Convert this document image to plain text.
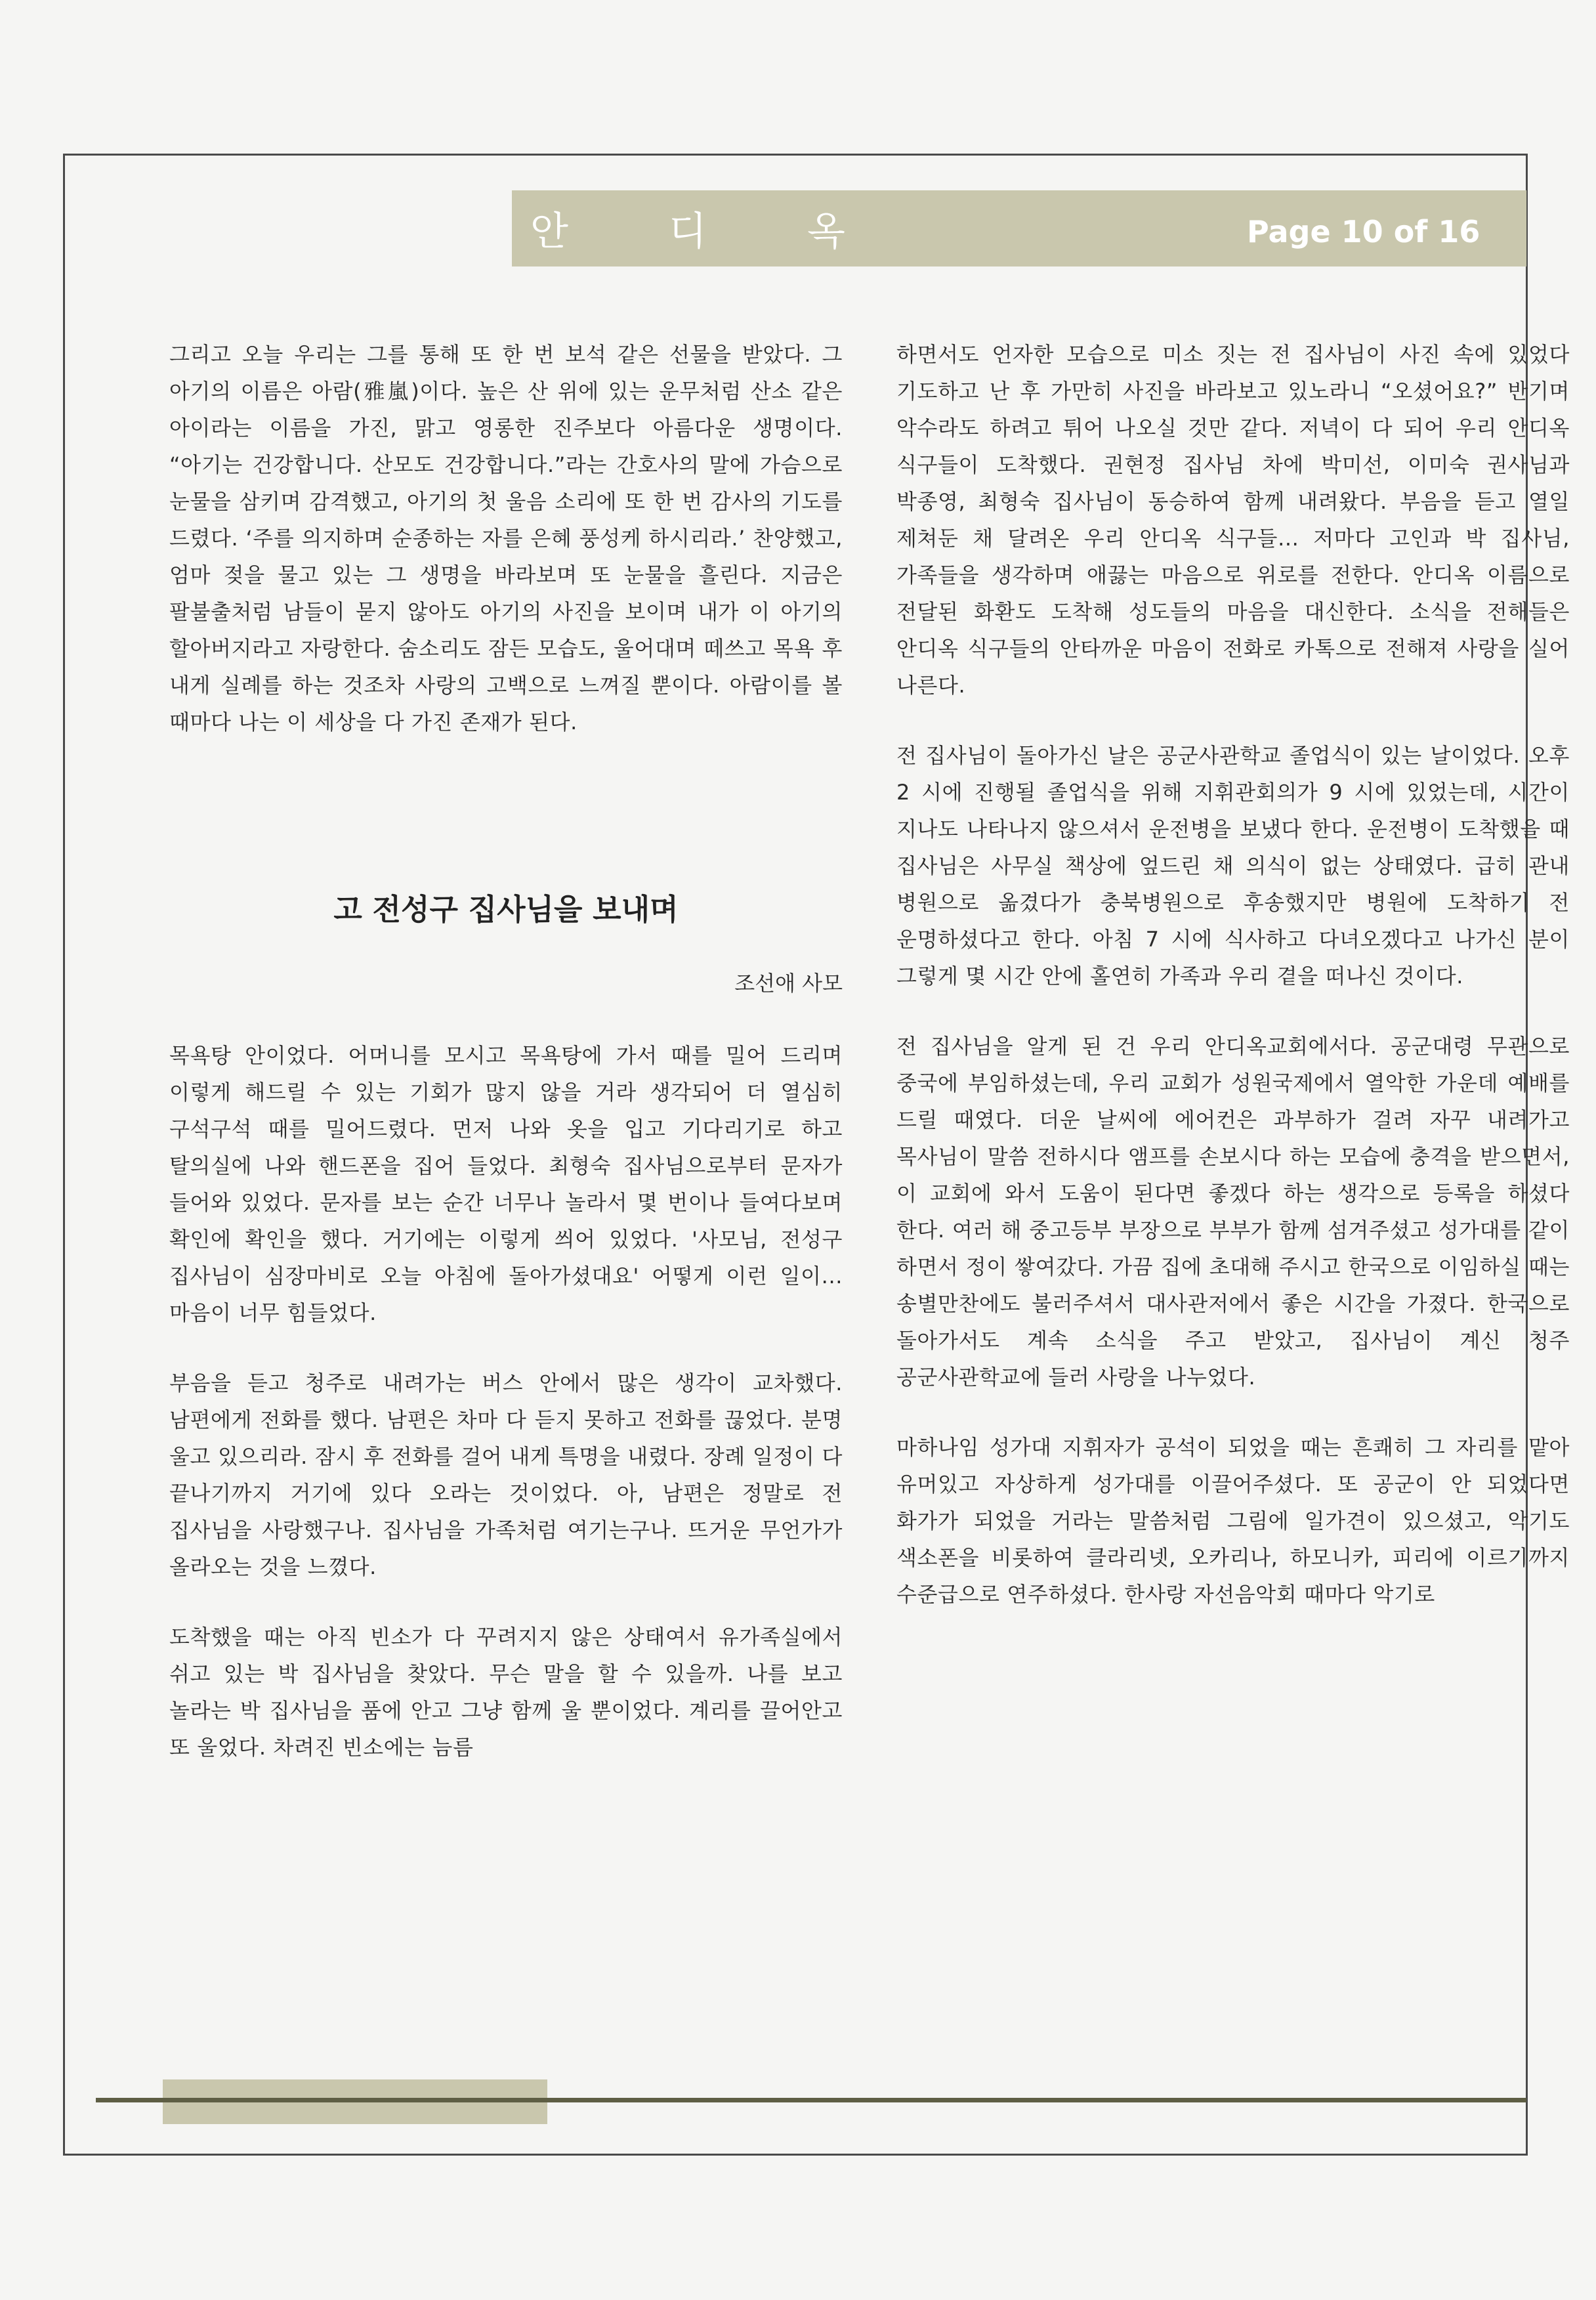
안	디	옥	Page 10 of 16

그리고 오늘 우리는 그를 통해 또 한 번 보석 같은 선물을 받았다. 그 아기의 이름은 아람(雅嵐)이다. 높은 산 위에 있는 운무처럼 산소 같은 아이라는 이름을 가진, 맑고 영롱한 진주보다 아름다운 생명이다. “아기는 건강합니다. 산모도 건강합니다.”라는 간호사의 말에 가슴으로 눈물을 삼키며 감격했고, 아기의 첫 울음 소리에 또 한 번 감사의 기도를 드렸다. ‘주를 의지하며 순종하는 자를 은혜 풍성케 하시리라.’ 찬양했고, 엄마 젖을 물고 있는 그 생명을 바라보며 또 눈물을 흘린다. 지금은 팔불출처럼 남들이 묻지 않아도 아기의 사진을 보이며 내가 이 아기의 할아버지라고 자랑한다. 숨소리도 잠든 모습도, 울어대며 떼쓰고 목욕 후 내게 실례를 하는 것조차 사랑의 고백으로 느껴질 뿐이다. 아람이를 볼 때마다 나는 이 세상을 다 가진 존재가 된다.

고 전성구 집사님을 보내며
조선애 사모

목욕탕 안이었다. 어머니를 모시고 목욕탕에 가서 때를 밀어 드리며 이렇게 해드릴 수 있는 기회가 많지 않을 거라 생각되어 더 열심히 구석구석 때를 밀어드렸다. 먼저 나와 옷을 입고 기다리기로 하고 탈의실에 나와 핸드폰을 집어 들었다. 최형숙 집사님으로부터 문자가 들어와 있었다. 문자를 보는 순간 너무나 놀라서 몇 번이나 들여다보며 확인에 확인을 했다. 거기에는 이렇게 씌어 있었다. '사모님, 전성구 집사님이 심장마비로 오늘 아침에 돌아가셨대요' 어떻게 이런 일이... 마음이 너무 힘들었다.

부음을 듣고 청주로 내려가는 버스 안에서 많은 생각이 교차했다. 남편에게 전화를 했다. 남편은 차마 다 듣지 못하고 전화를 끊었다. 분명 울고 있으리라. 잠시 후 전화를 걸어 내게 특명을 내렸다. 장례 일정이 다 끝나기까지 거기에 있다 오라는 것이었다. 아, 남편은 정말로 전 집사님을 사랑했구나. 집사님을 가족처럼 여기는구나. 뜨거운 무언가가 올라오는 것을 느꼈다.

도착했을 때는 아직 빈소가 다 꾸려지지 않은 상태여서 유가족실에서 쉬고 있는 박 집사님을 찾았다. 무슨 말을 할 수 있을까. 나를 보고 놀라는 박 집사님을 품에 안고 그냥 함께 울 뿐이었다. 계리를 끌어안고 또 울었다. 차려진 빈소에는 늠름

하면서도 언자한 모습으로 미소 짓는 전 집사님이 사진 속에 있었다 기도하고 난 후 가만히 사진을 바라보고 있노라니 “오셨어요?” 반기며 악수라도 하려고 튀어 나오실 것만 같다. 저녁이 다 되어 우리 안디옥 식구들이 도착했다. 권현정 집사님 차에 박미선, 이미숙 권사님과 박종영, 최형숙 집사님이 동승하여 함께 내려왔다. 부음을 듣고 열일 제쳐둔 채 달려온 우리 안디옥 식구들... 저마다 고인과 박 집사님, 가족들을 생각하며 애끓는 마음으로 위로를 전한다. 안디옥 이름으로 전달된 화환도 도착해 성도들의 마음을 대신한다. 소식을 전해들은 안디옥 식구들의 안타까운 마음이 전화로 카톡으로 전해져 사랑을 실어 나른다.

전 집사님이 돌아가신 날은 공군사관학교 졸업식이 있는 날이었다. 오후 2 시에 진행될 졸업식을 위해 지휘관회의가 9 시에 있었는데, 시간이 지나도 나타나지 않으셔서 운전병을 보냈다 한다. 운전병이 도착했을 때 집사님은 사무실 책상에 엎드린 채 의식이 없는 상태였다. 급히 관내 병원으로 옮겼다가 충북병원으로 후송했지만 병원에 도착하기 전 운명하셨다고 한다. 아침 7 시에 식사하고 다녀오겠다고 나가신 분이 그렇게 몇 시간 안에 홀연히 가족과 우리 곁을 떠나신 것이다.

전 집사님을 알게 된 건 우리 안디옥교회에서다. 공군대령 무관으로 중국에 부임하셨는데, 우리 교회가 성원국제에서 열악한 가운데 예배를 드릴 때였다. 더운 날씨에 에어컨은 과부하가 걸려 자꾸 내려가고 목사님이 말씀 전하시다 앰프를 손보시다 하는 모습에 충격을 받으면서, 이 교회에 와서 도움이 된다면 좋겠다 하는 생각으로 등록을 하셨다 한다. 여러 해 중고등부 부장으로 부부가 함께 섬겨주셨고 성가대를 같이 하면서 정이 쌓여갔다. 가끔 집에 초대해 주시고 한국으로 이임하실 때는 송별만찬에도 불러주셔서 대사관저에서 좋은 시간을 가졌다. 한국으로 돌아가서도 계속 소식을 주고 받았고, 집사님이 계신 청주 공군사관학교에 들러 사랑을 나누었다.

마하나임 성가대 지휘자가 공석이 되었을 때는 흔쾌히 그 자리를 맡아 유머있고 자상하게 성가대를 이끌어주셨다. 또 공군이 안 되었다면 화가가 되었을 거라는 말씀처럼 그림에 일가견이 있으셨고, 악기도 색소폰을 비롯하여 클라리넷, 오카리나, 하모니카, 피리에 이르기까지 수준급으로 연주하셨다. 한사랑 자선음악회 때마다 악기로
